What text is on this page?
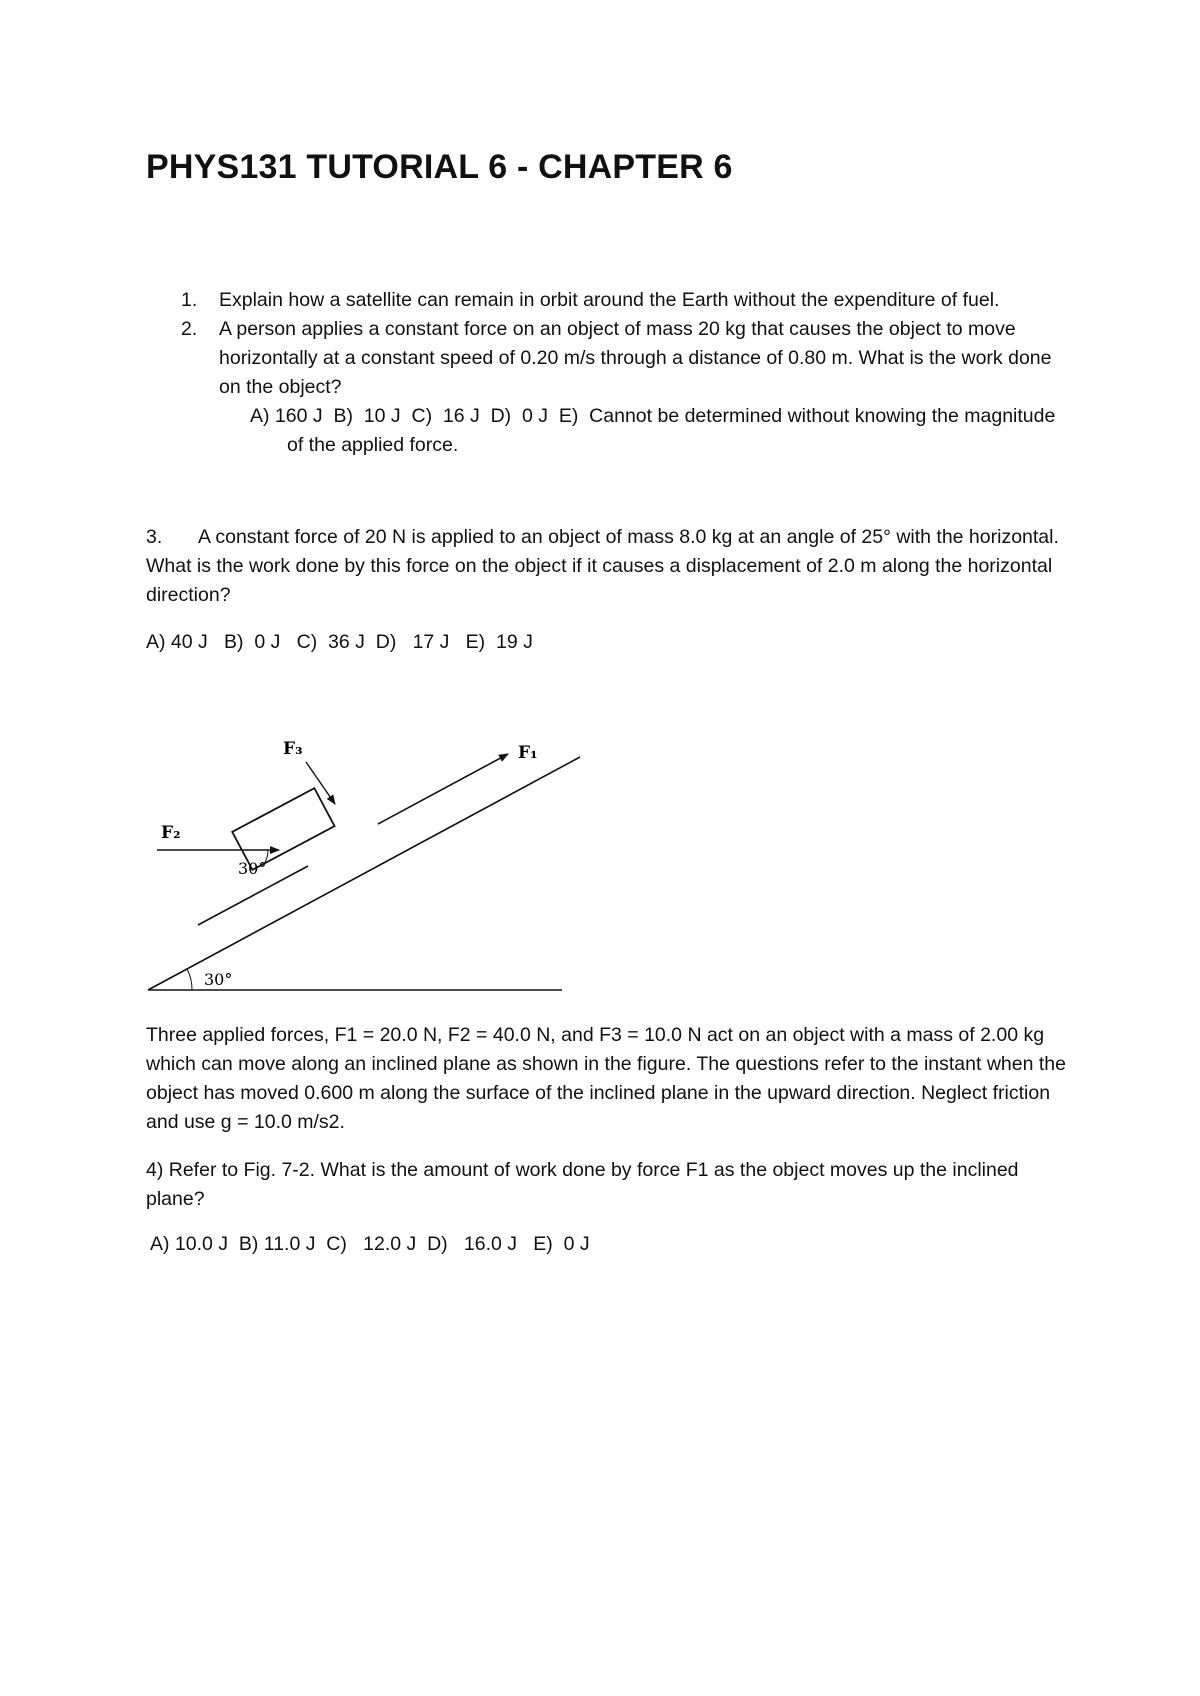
PHYS131 TUTORIAL 6 - CHAPTER 6
1. Explain how a satellite can remain in orbit around the Earth without the expenditure of fuel.
2. A person applies a constant force on an object of mass 20 kg that causes the object to move horizontally at a constant speed of 0.20 m/s through a distance of 0.80 m. What is the work done on the object?
A) 160 J  B)  10 J  C)  16 J  D)  0 J  E)  Cannot be determined without knowing the magnitude
of the applied force.
3. A constant force of 20 N is applied to an object of mass 8.0 kg at an angle of 25° with the horizontal. What is the work done by this force on the object if it causes a displacement of 2.0 m along the horizontal direction?
A) 40 J   B)  0 J   C)  36 J  D)   17 J   E)  19 J
F₃	F₁
F₂
30°
30°
Three applied forces, F1 = 20.0 N, F2 = 40.0 N, and F3 = 10.0 N act on an object with a mass of 2.00 kg which can move along an inclined plane as shown in the figure. The questions refer to the instant when the object has moved 0.600 m along the surface of the inclined plane in the upward direction. Neglect friction and use g = 10.0 m/s2.
4) Refer to Fig. 7-2. What is the amount of work done by force F1 as the object moves up the inclined plane?
A) 10.0 J  B) 11.0 J  C)   12.0 J  D)   16.0 J   E)  0 J
